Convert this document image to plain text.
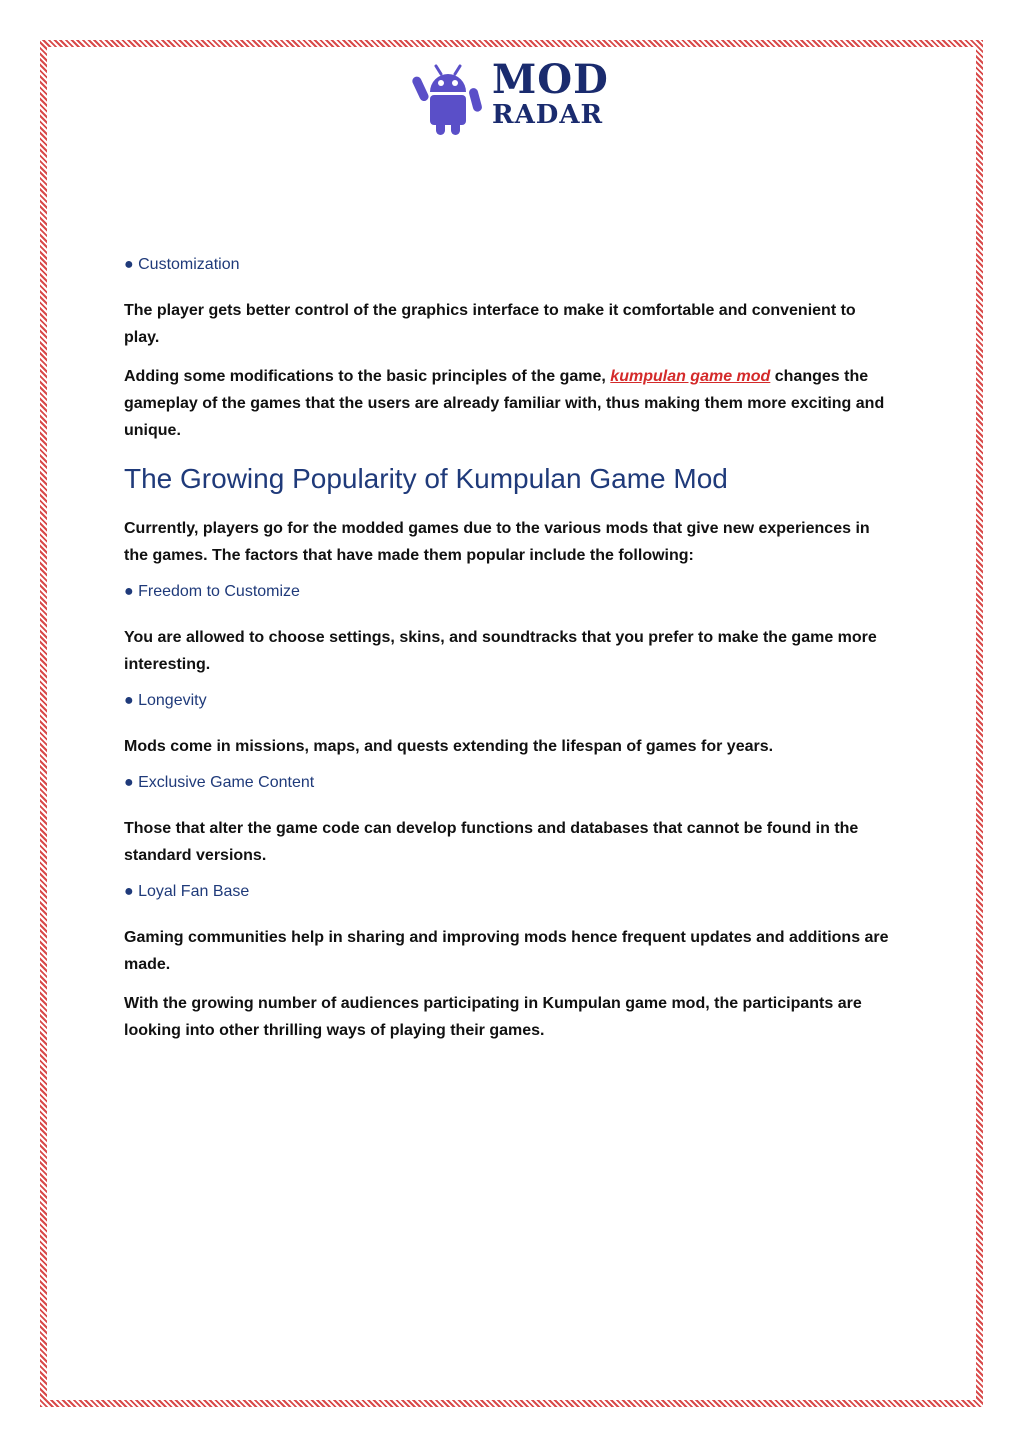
MOD
RADAR
● Customization

The player gets better control of the graphics interface to make it comfortable and convenient to play.

Adding some modifications to the basic principles of the game, kumpulan game mod changes the gameplay of the games that the users are already familiar with, thus making them more exciting and unique.

The Growing Popularity of Kumpulan Game Mod

Currently, players go for the modded games due to the various mods that give new experiences in the games. The factors that have made them popular include the following:

● Freedom to Customize

You are allowed to choose settings, skins, and soundtracks that you prefer to make the game more interesting.

● Longevity

Mods come in missions, maps, and quests extending the lifespan of games for years.

● Exclusive Game Content

Those that alter the game code can develop functions and databases that cannot be found in the standard versions.

● Loyal Fan Base

Gaming communities help in sharing and improving mods hence frequent updates and additions are made.

With the growing number of audiences participating in Kumpulan game mod, the participants are looking into other thrilling ways of playing their games.
